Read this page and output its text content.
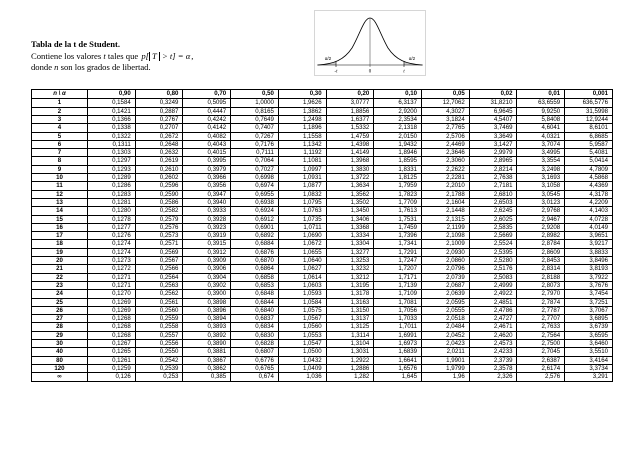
Tabla de la t de Student.
Contiene los valores t tales que p[ T > t] = α,
donde n son los grados de libertad.
α/2	α/2
-t	0	t
n \ α	0,90	0,80	0,70	0,50	0,30	0,20	0,10	0,05	0,02	0,01	0,001
1	0,1584	0,3249	0,5095	1,0000	1,9626	3,0777	6,3137	12,7062	31,8210	63,6559	636,5776
2	0,1421	0,2887	0,4447	0,8165	1,3862	1,8856	2,9200	4,3027	6,9645	9,9250	31,5998
3	0,1366	0,2767	0,4242	0,7649	1,2498	1,6377	2,3534	3,1824	4,5407	5,8408	12,9244
4	0,1338	0,2707	0,4142	0,7407	1,1896	1,5332	2,1318	2,7765	3,7469	4,6041	8,6101
5	0,1322	0,2672	0,4082	0,7267	1,1558	1,4759	2,0150	2,5706	3,3649	4,0321	6,8685
6	0,1311	0,2648	0,4043	0,7176	1,1342	1,4398	1,9432	2,4469	3,1427	3,7074	5,9587
7	0,1303	0,2632	0,4015	0,7111	1,1192	1,4149	1,8946	2,3646	2,9979	3,4995	5,4081
8	0,1297	0,2619	0,3995	0,7064	1,1081	1,3968	1,8595	2,3060	2,8965	3,3554	5,0414
9	0,1293	0,2610	0,3979	0,7027	1,0997	1,3830	1,8331	2,2622	2,8214	3,2498	4,7809
10	0,1289	0,2602	0,3966	0,6998	1,0931	1,3722	1,8125	2,2281	2,7638	3,1693	4,5868
11	0,1286	0,2596	0,3956	0,6974	1,0877	1,3634	1,7959	2,2010	2,7181	3,1058	4,4369
12	0,1283	0,2590	0,3947	0,6955	1,0832	1,3562	1,7823	2,1788	2,6810	3,0545	4,3178
13	0,1281	0,2586	0,3940	0,6938	1,0795	1,3502	1,7709	2,1604	2,6503	3,0123	4,2209
14	0,1280	0,2582	0,3933	0,6924	1,0763	1,3450	1,7613	2,1448	2,6245	2,9768	4,1403
15	0,1278	0,2579	0,3928	0,6912	1,0735	1,3406	1,7531	2,1315	2,6025	2,9467	4,0728
16	0,1277	0,2576	0,3923	0,6901	1,0711	1,3368	1,7459	2,1199	2,5835	2,9208	4,0149
17	0,1276	0,2573	0,3919	0,6892	1,0690	1,3334	1,7396	2,1098	2,5669	2,8982	3,9651
18	0,1274	0,2571	0,3915	0,6884	1,0672	1,3304	1,7341	2,1009	2,5524	2,8784	3,9217
19	0,1274	0,2569	0,3912	0,6876	1,0655	1,3277	1,7291	2,0930	2,5395	2,8609	3,8833
20	0,1273	0,2567	0,3909	0,6870	1,0640	1,3253	1,7247	2,0860	2,5280	2,8453	3,8496
21	0,1272	0,2566	0,3906	0,6864	1,0627	1,3232	1,7207	2,0796	2,5176	2,8314	3,8193
22	0,1271	0,2564	0,3904	0,6858	1,0614	1,3212	1,7171	2,0739	2,5083	2,8188	3,7922
23	0,1271	0,2563	0,3902	0,6853	1,0603	1,3195	1,7139	2,0687	2,4999	2,8073	3,7676
24	0,1270	0,2562	0,3900	0,6848	1,0593	1,3178	1,7109	2,0639	2,4922	2,7970	3,7454
25	0,1269	0,2561	0,3898	0,6844	1,0584	1,3163	1,7081	2,0595	2,4851	2,7874	3,7251
26	0,1269	0,2560	0,3896	0,6840	1,0575	1,3150	1,7056	2,0555	2,4786	2,7787	3,7067
27	0,1268	0,2559	0,3894	0,6837	1,0567	1,3137	1,7033	2,0518	2,4727	2,7707	3,6895
28	0,1268	0,2558	0,3893	0,6834	1,0560	1,3125	1,7011	2,0484	2,4671	2,7633	3,6739
29	0,1268	0,2557	0,3892	0,6830	1,0553	1,3114	1,6991	2,0452	2,4620	2,7564	3,6595
30	0,1267	0,2556	0,3890	0,6828	1,0547	1,3104	1,6973	2,0423	2,4573	2,7500	3,6460
40	0,1265	0,2550	0,3881	0,6807	1,0500	1,3031	1,6839	2,0211	2,4233	2,7045	3,5510
80	0,1261	0,2542	0,3867	0,6776	1,0432	1,2922	1,6641	1,9901	2,3739	2,6387	3,4164
120	0,1259	0,2539	0,3862	0,6765	1,0409	1,2886	1,6576	1,9799	2,3578	2,6174	3,3734
∞	0,126	0,253	0,385	0,674	1,036	1,282	1,645	1,96	2,326	2,576	3,291
